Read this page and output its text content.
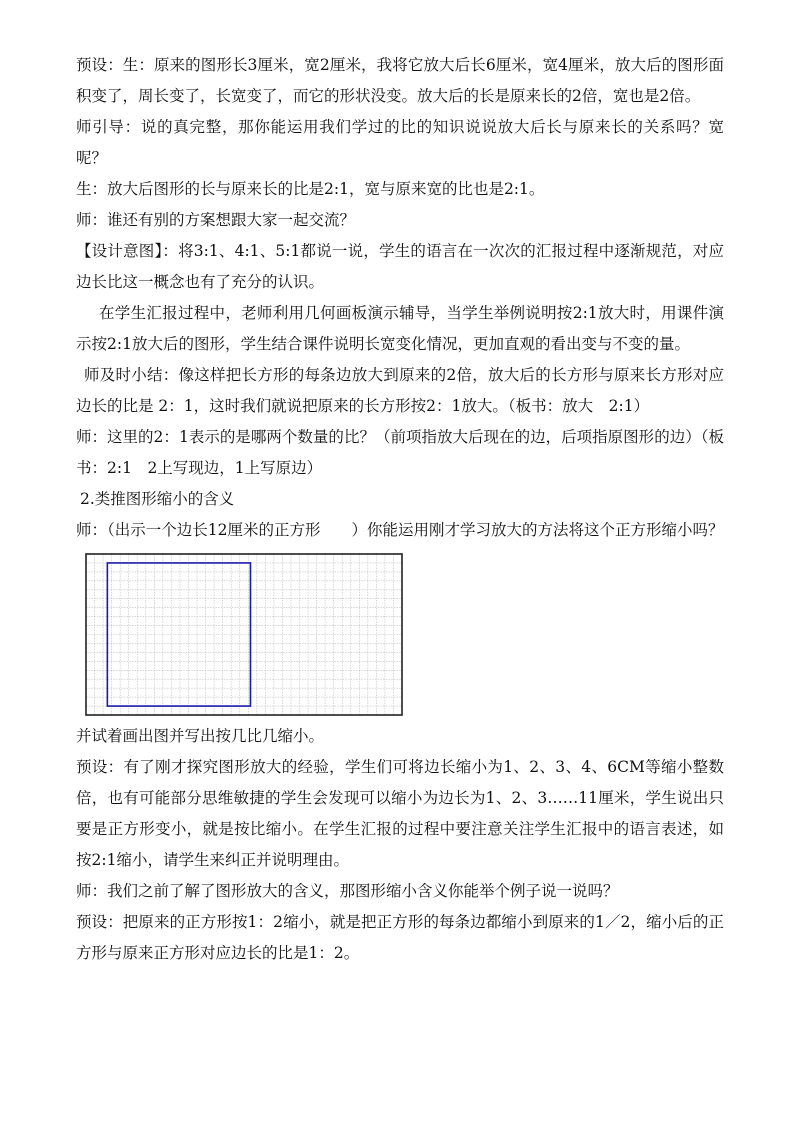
预设：生：原来的图形长3厘米，宽2厘米，我将它放大后长6厘米，宽4厘米，放大后的图形面积变了，周长变了，长宽变了，而它的形状没变。放大后的长是原来长的2倍，宽也是2倍。

师引导：说的真完整，那你能运用我们学过的比的知识说说放大后长与原来长的关系吗？宽呢？

生：放大后图形的长与原来长的比是2:1，宽与原来宽的比也是2:1。

师：谁还有别的方案想跟大家一起交流？

【设计意图】：将3:1、4:1、5:1都说一说，学生的语言在一次次的汇报过程中逐渐规范，对应边长比这一概念也有了充分的认识。

在学生汇报过程中，老师利用几何画板演示辅导，当学生举例说明按2:1放大时，用课件演示按2:1放大后的图形，学生结合课件说明长宽变化情况，更加直观的看出变与不变的量。

师及时小结：像这样把长方形的每条边放大到原来的2倍，放大后的长方形与原来长方形对应边长的比是 2：1，这时我们就说把原来的长方形按2：1放大。（板书：放大　2:1）

师：这里的2：1表示的是哪两个数量的比？（前项指放大后现在的边，后项指原图形的边）（板书：2:1　2上写现边，1上写原边）

2.类推图形缩小的含义

师：（出示一个边长12厘米的正方形　　）你能运用刚才学习放大的方法将这个正方形缩小吗？

并试着画出图并写出按几比几缩小。

预设：有了刚才探究图形放大的经验，学生们可将边长缩小为1、2、3、4、6CM等缩小整数倍，也有可能部分思维敏捷的学生会发现可以缩小为边长为1、2、3……11厘米，学生说出只要是正方形变小，就是按比缩小。在学生汇报的过程中要注意关注学生汇报中的语言表述，如按2:1缩小，请学生来纠正并说明理由。

师：我们之前了解了图形放大的含义，那图形缩小含义你能举个例子说一说吗？

预设：把原来的正方形按1：2缩小，就是把正方形的每条边都缩小到原来的1／2，缩小后的正方形与原来正方形对应边长的比是1：2。
